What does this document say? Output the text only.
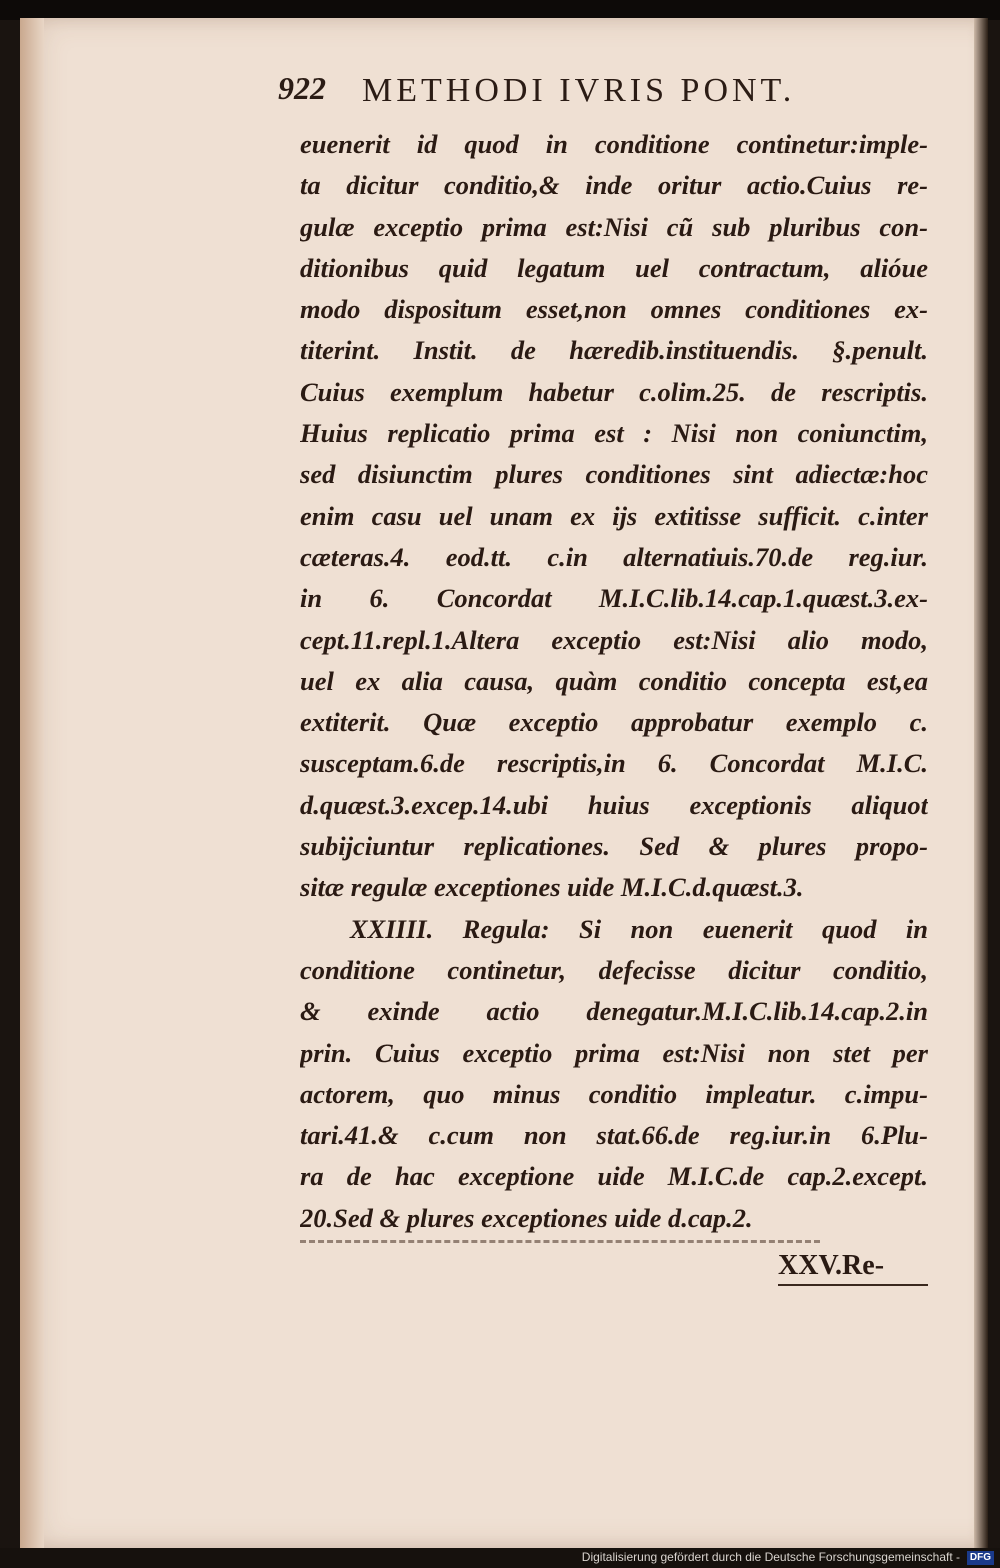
922 METHODI IVRIS PONT.
euenerit id quod in conditione continetur:imple-
ta dicitur conditio,& inde oritur actio.Cuius re-
gulæ exceptio prima est:Nisi cũ sub pluribus con-
ditionibus quid legatum uel contractum, alióue
modo dispositum esset,non omnes conditiones ex-
titerint. Instit. de hæredib.instituendis. §.penult.
Cuius exemplum habetur c.olim.25. de rescriptis.
Huius replicatio prima est : Nisi non coniunctim,
sed disiunctim plures conditiones sint adiectæ:hoc
enim casu uel unam ex ijs extitisse sufficit. c.inter
cæteras.4. eod.tt. c.in alternatiuis.70.de reg.iur.
in 6. Concordat M.I.C.lib.14.cap.1.quæst.3.ex-
cept.11.repl.1.Altera exceptio est:Nisi alio modo,
uel ex alia causa, quàm conditio concepta est,ea
extiterit. Quæ exceptio approbatur exemplo c.
susceptam.6.de rescriptis,in 6. Concordat M.I.C.
d.quæst.3.excep.14.ubi huius exceptionis aliquot
subijciuntur replicationes. Sed & plures propo-
sitæ regulæ exceptiones uide M.I.C.d.quæst.3.
XXIIII. Regula: Si non euenerit quod in
conditione continetur, defecisse dicitur conditio,
& exinde actio denegatur.M.I.C.lib.14.cap.2.in
prin. Cuius exceptio prima est:Nisi non stet per
actorem, quo minus conditio impleatur. c.impu-
tari.41.& c.cum non stat.66.de reg.iur.in 6.Plu-
ra de hac exceptione uide M.I.C.de cap.2.except.
20.Sed & plures exceptiones uide d.cap.2.
XXV.Re-
Digitalisierung gefördert durch die Deutsche Forschungsgemeinschaft - DFG
